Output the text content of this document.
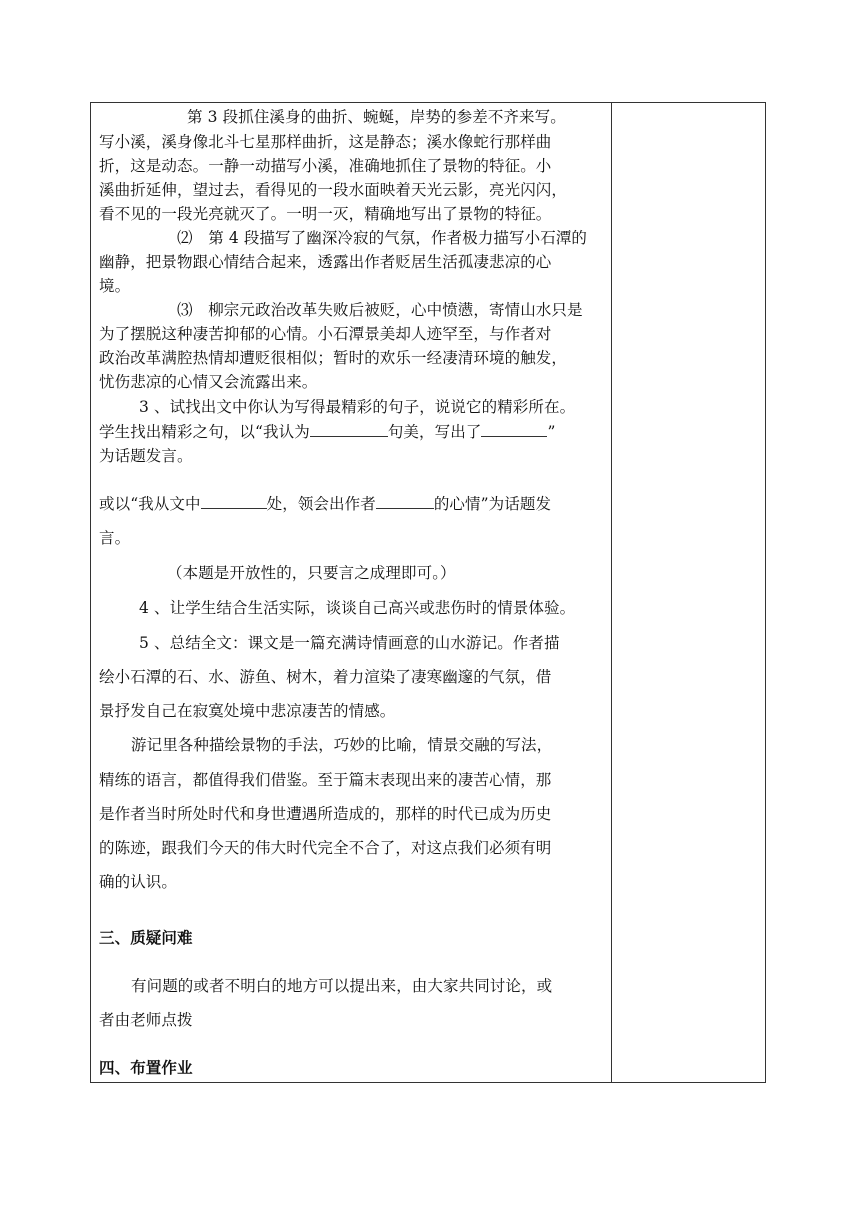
第 3 段抓住溪身的曲折、蜿蜒，岸势的参差不齐来写。
写小溪，溪身像北斗七星那样曲折，这是静态；溪水像蛇行那样曲
折，这是动态。一静一动描写小溪，准确地抓住了景物的特征。小
溪曲折延伸，望过去，看得见的一段水面映着天光云影，亮光闪闪，
看不见的一段光亮就灭了。一明一灭，精确地写出了景物的特征。
⑵　第 4 段描写了幽深冷寂的气氛，作者极力描写小石潭的
幽静，把景物跟心情结合起来，透露出作者贬居生活孤凄悲凉的心
境。
⑶　柳宗元政治改革失败后被贬，心中愤懑，寄情山水只是
为了摆脱这种凄苦抑郁的心情。小石潭景美却人迹罕至，与作者对
政治改革满腔热情却遭贬很相似；暂时的欢乐一经凄清环境的触发，
忧伤悲凉的心情又会流露出来。
3 、试找出文中你认为写得最精彩的句子，说说它的精彩所在。
学生找出精彩之句，以“我认为	句美，写出了	”
为话题发言。
或以“我从文中	处，领会出作者	的心情”为话题发
言。
（本题是开放性的，只要言之成理即可。）
4 、让学生结合生活实际，谈谈自己高兴或悲伤时的情景体验。
5 、总结全文：课文是一篇充满诗情画意的山水游记。作者描
绘小石潭的石、水、游鱼、树木，着力渲染了凄寒幽邃的气氛，借
景抒发自己在寂寞处境中悲凉凄苦的情感。
游记里各种描绘景物的手法，巧妙的比喻，情景交融的写法，
精练的语言，都值得我们借鉴。至于篇末表现出来的凄苦心情，那
是作者当时所处时代和身世遭遇所造成的，那样的时代已成为历史
的陈迹，跟我们今天的伟大时代完全不合了，对这点我们必须有明
确的认识。
三、质疑问难
有问题的或者不明白的地方可以提出来，由大家共同讨论，或
者由老师点拨
四、布置作业
